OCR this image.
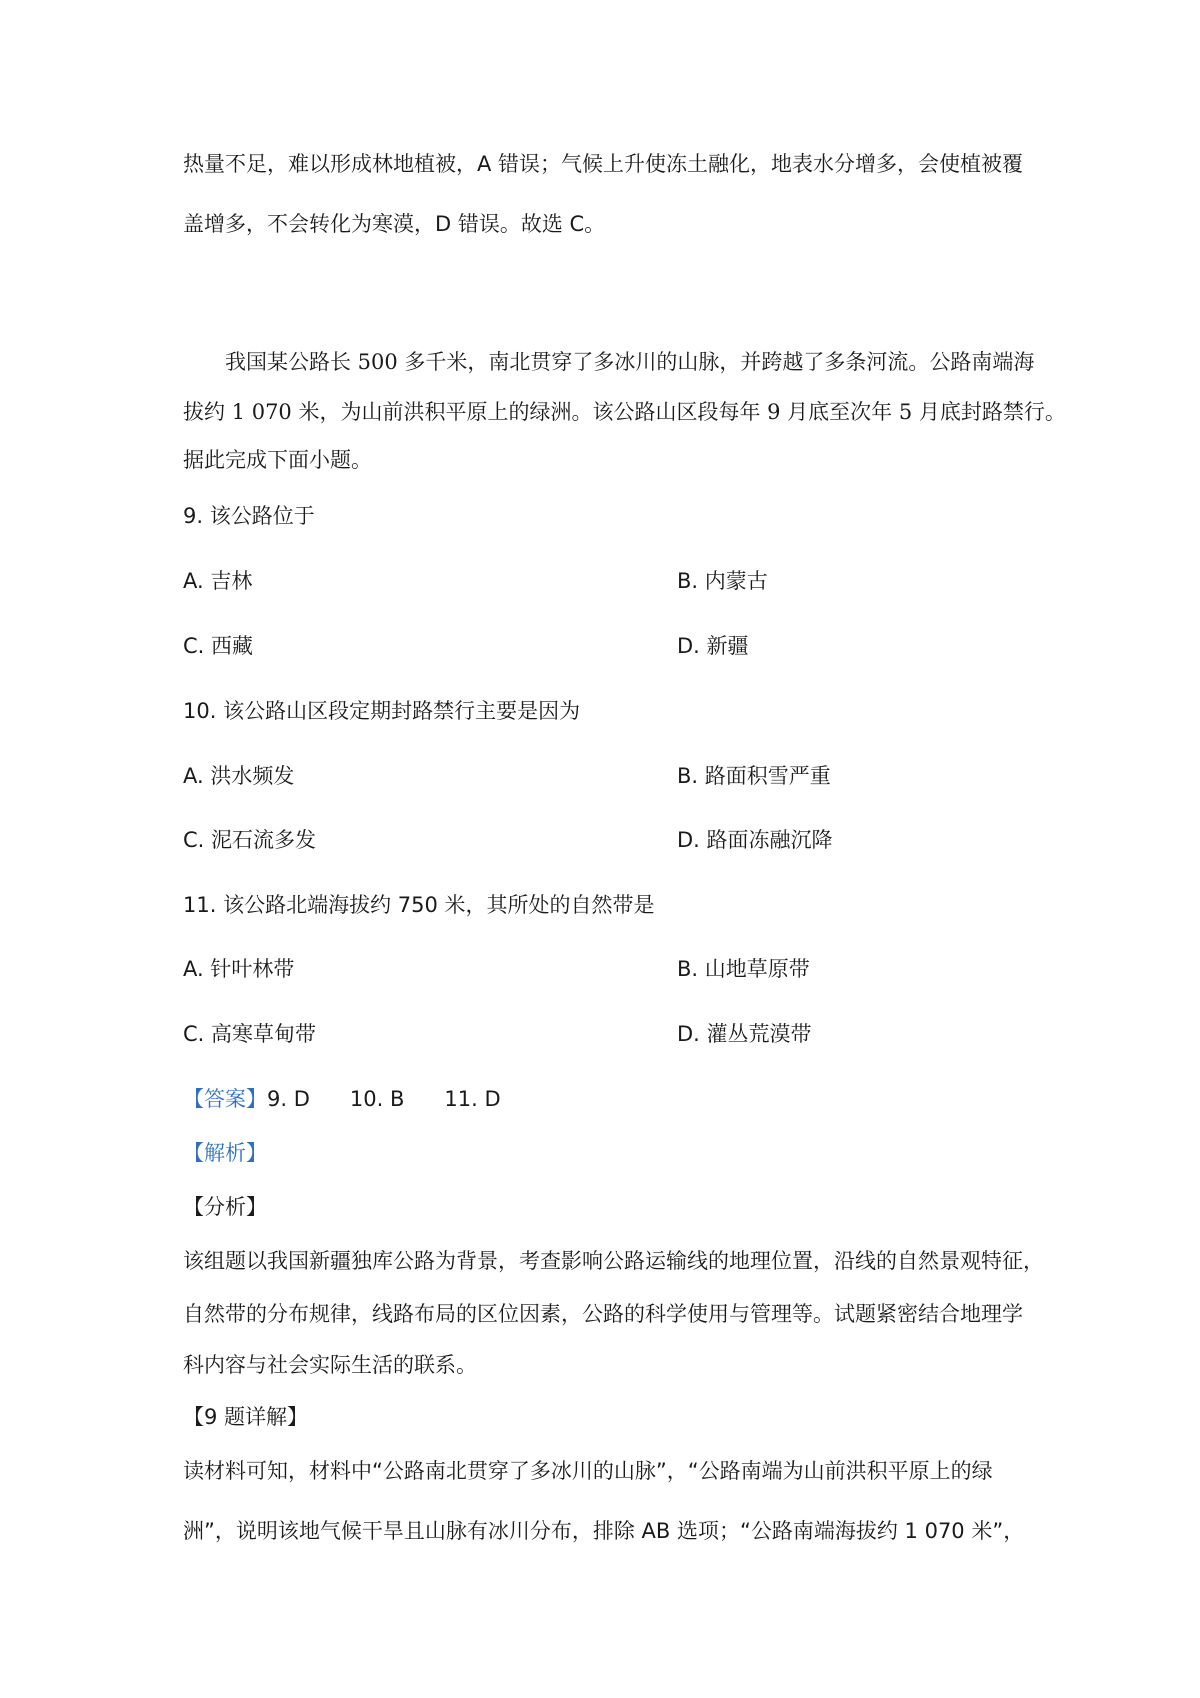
热量不足，难以形成林地植被，A 错误；气候上升使冻土融化，地表水分增多，会使植被覆
盖增多，不会转化为寒漠，D 错误。故选 C。
我国某公路长 500 多千米，南北贯穿了多冰川的山脉，并跨越了多条河流。公路南端海
拔约 1 070 米，为山前洪积平原上的绿洲。该公路山区段每年 9 月底至次年 5 月底封路禁行。
据此完成下面小题。
9. 该公路位于
A. 吉林	B. 内蒙古
C. 西藏	D. 新疆
10. 该公路山区段定期封路禁行主要是因为
A. 洪水频发	B. 路面积雪严重
C. 泥石流多发	D. 路面冻融沉降
11. 该公路北端海拔约 750 米，其所处的自然带是
A. 针叶林带	B. 山地草原带
C. 高寒草甸带	D. 灌丛荒漠带
【答案】9. D 10. B 11. D
【解析】
【分析】
该组题以我国新疆独库公路为背景，考查影响公路运输线的地理位置，沿线的自然景观特征，
自然带的分布规律，线路布局的区位因素，公路的科学使用与管理等。试题紧密结合地理学
科内容与社会实际生活的联系。
【9 题详解】
读材料可知，材料中“公路南北贯穿了多冰川的山脉”，“公路南端为山前洪积平原上的绿
洲”，说明该地气候干旱且山脉有冰川分布，排除 AB 选项；“公路南端海拔约 1 070 米”，
